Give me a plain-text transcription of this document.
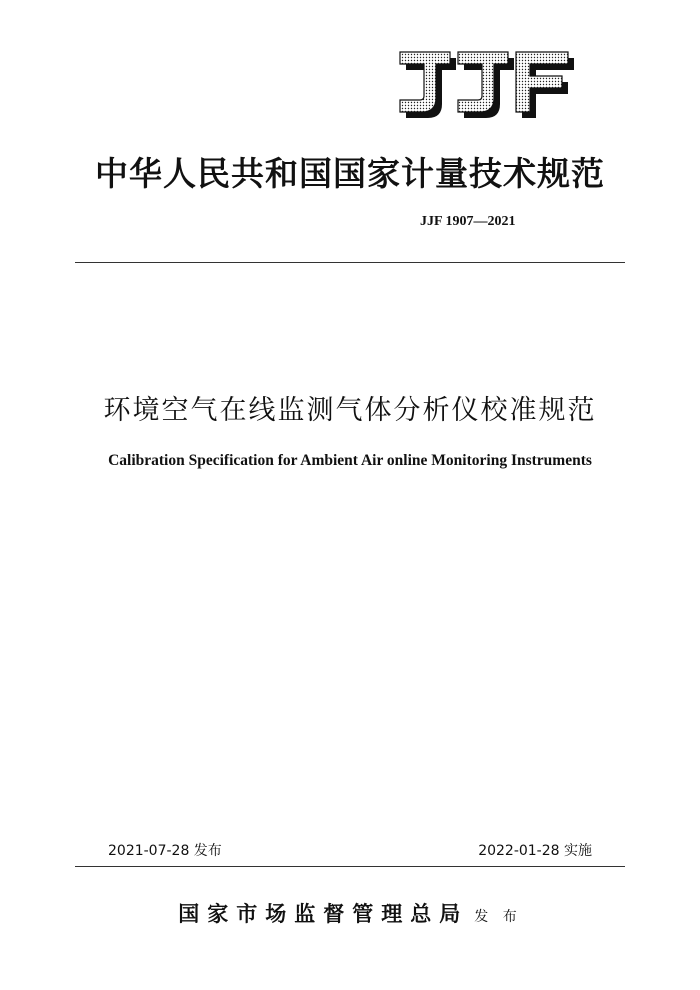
中华人民共和国国家计量技术规范
JJF 1907—2021
环境空气在线监测气体分析仪校准规范
Calibration Specification for Ambient Air online Monitoring Instruments
2021-07-28 发布	2022-01-28 实施
国家市场监督管理总局 发 布
